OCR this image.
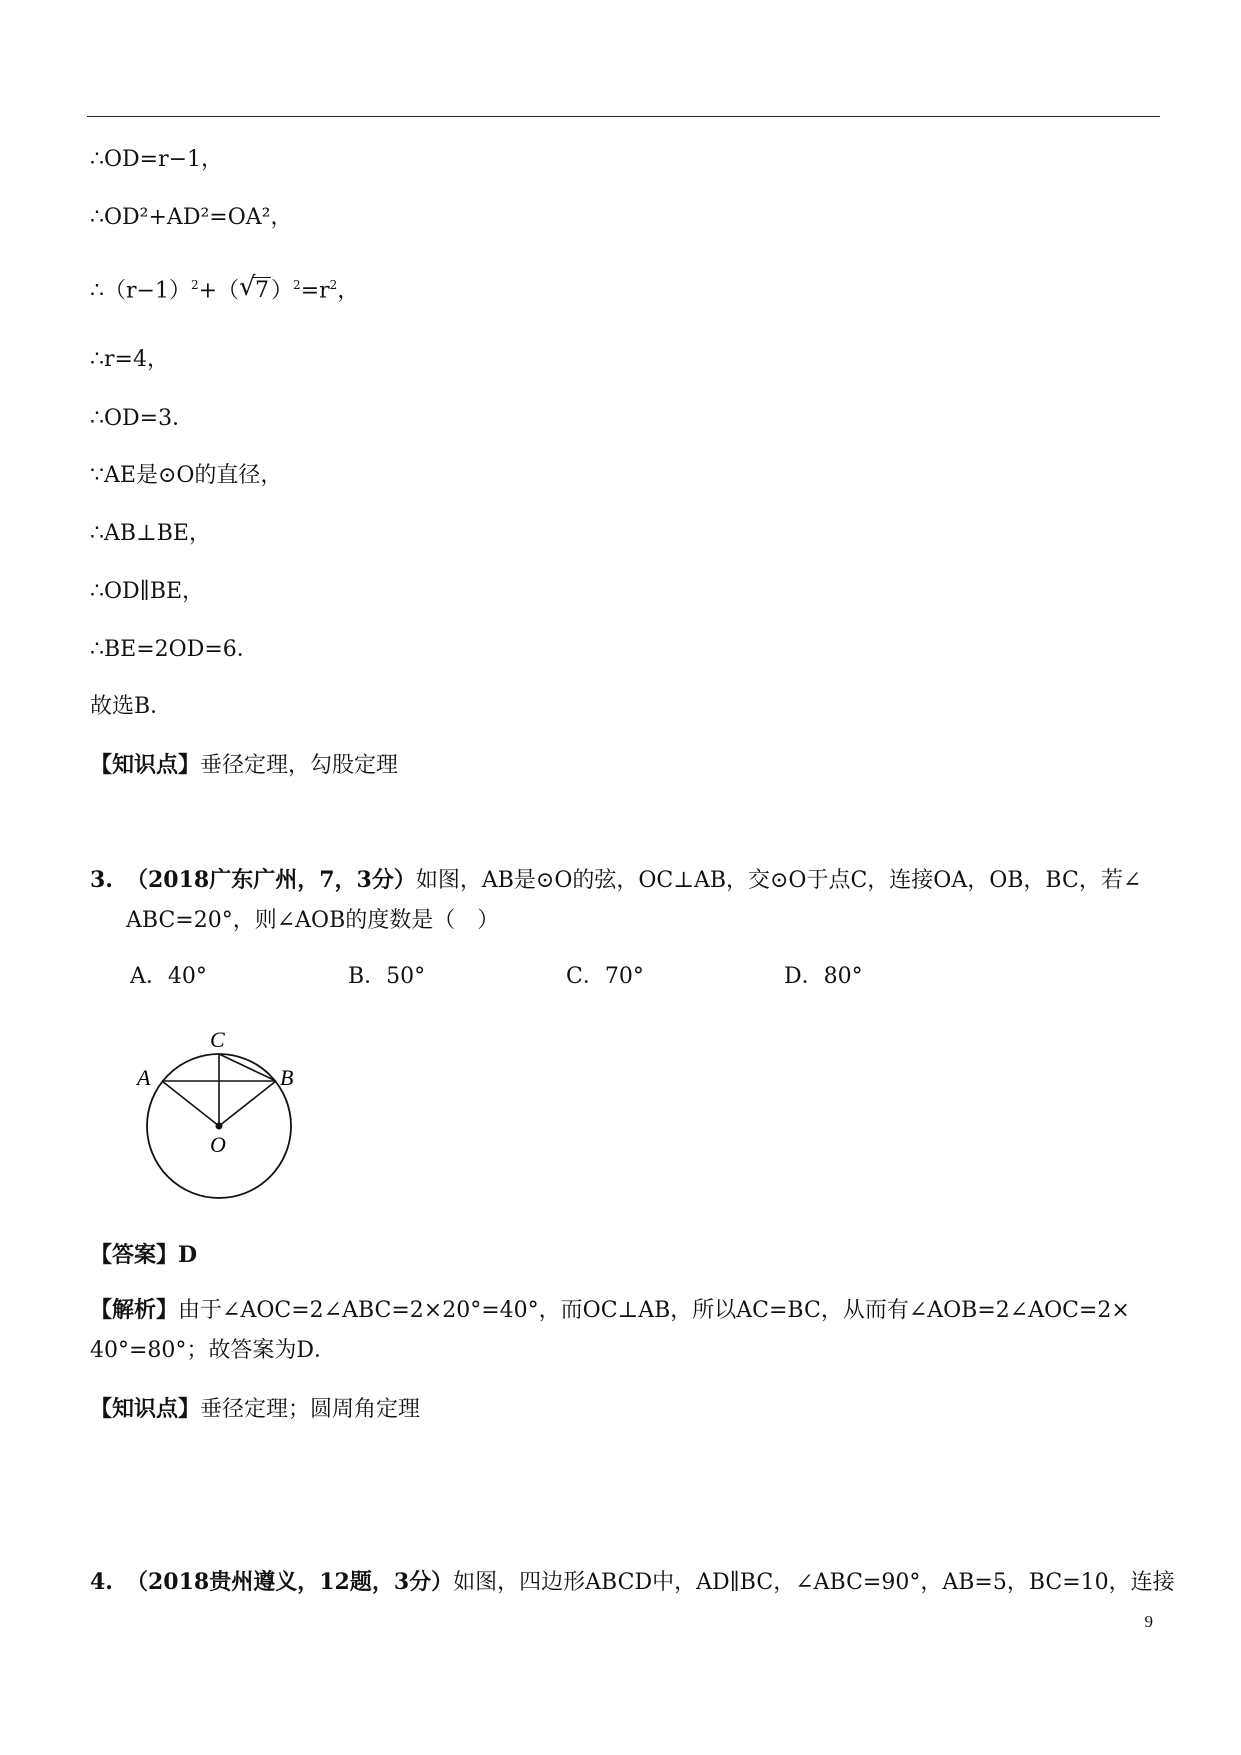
∴OD=r−1，
∴OD²+AD²=OA²，
$\therefore(r-1)^2+$（ √ $7)^2=r^2$，
∴r=4，
∴OD=3．
∵AE是⊙O的直径，
∴AB⊥BE，
∴OD∥BE，
∴BE=2OD=6．
故选B．
【知识点】垂径定理，勾股定理
3. （2018广东广州，7，3分）如图，AB是⊙O的弦，OC⊥AB，交⊙O于点C，连接OA，OB，BC，若∠
ABC=20°，则∠AOB的度数是（　）
A．40°	B．50°	C．70°	D．80°
A	B
C
O
【答案】D
【解析】由于∠AOC=2∠ABC=2×20°=40°，而OC⊥AB，所以AC=BC，从而有∠AOB=2∠AOC=2×
40°=80°；故答案为D．
【知识点】垂径定理；圆周角定理
4. （2018贵州遵义，12题，3分）如图，四边形ABCD中，AD∥BC，∠ABC=90°，AB=5，BC=10，连接
9
